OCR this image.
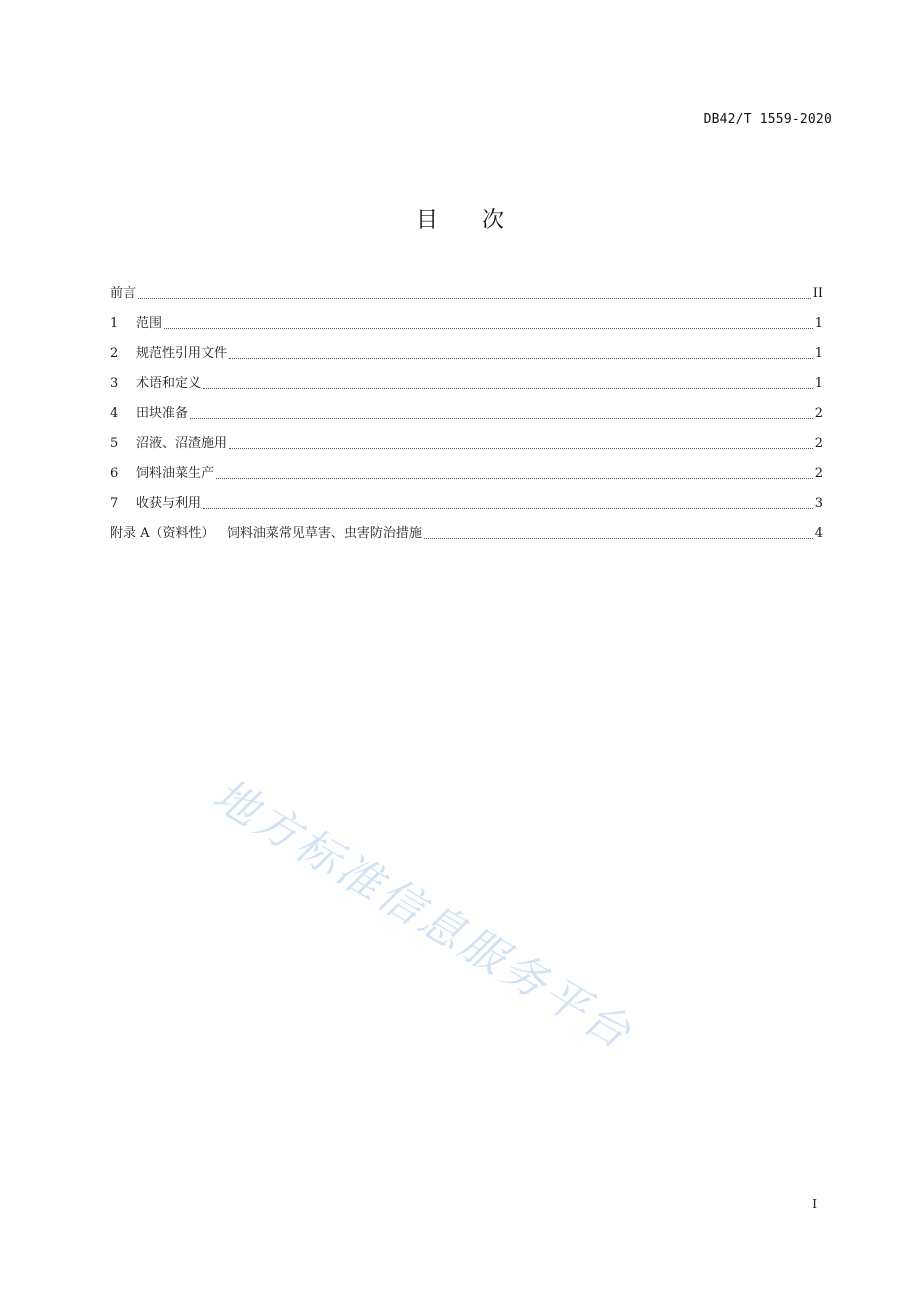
DB42/T 1559-2020
目次
前言	II
1	范围	1
2	规范性引用文件	1
3	术语和定义	1
4	田块准备	2
5	沼液、沼渣施用	2
6	饲料油菜生产	2
7	收获与利用	3
附录 A（资料性）   饲料油菜常见草害、虫害防治措施	4
地方标准信息服务平台
I
